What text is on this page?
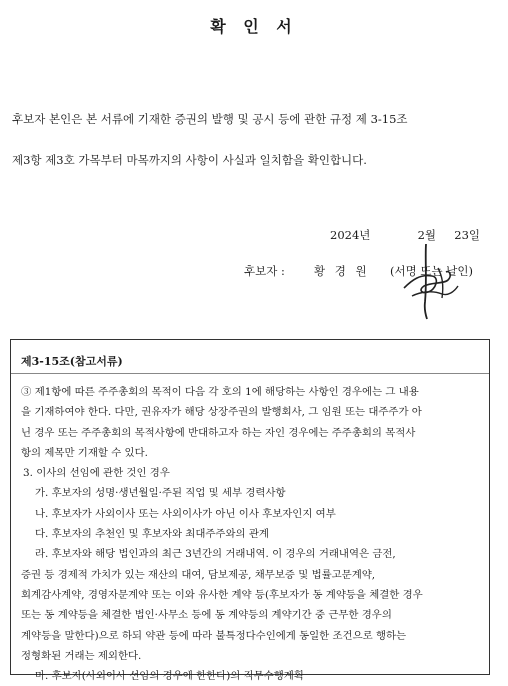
확 인 서
후보자 본인은 본 서류에 기재한 증권의 발행 및 공시 등에 관한 규정 제 3-15조
제3항 제3호 가목부터 마목까지의 사항이 사실과 일치함을 확인합니다.
2024년	2월 23일
후보자 :	황 경 원 (서명 또는 날인)
제3-15조(참고서류)
③ 제1항에 따른 주주총회의 목적이 다음 각 호의 1에 해당하는 사항인 경우에는 그 내용
을 기재하여야 한다. 다만, 권유자가 해당 상장주권의 발행회사, 그 임원 또는 대주주가 아
닌 경우 또는 주주총회의 목적사항에 반대하고자 하는 자인 경우에는 주주총회의 목적사
항의 제목만 기재할 수 있다.
3. 이사의 선임에 관한 것인 경우
가. 후보자의 성명·생년월일·주된 직업 및 세부 경력사항
나. 후보자가 사외이사 또는 사외이사가 아닌 이사 후보자인지 여부
다. 후보자의 추천인 및 후보자와 최대주주와의 관계
라. 후보자와 해당 법인과의 최근 3년간의 거래내역. 이 경우의 거래내역은 금전,
증권 등 경제적 가치가 있는 재산의 대여, 담보제공, 채무보증 및 법률고문계약,
회계감사계약, 경영자문계약 또는 이와 유사한 계약 등(후보자가 동 계약등을 체결한 경우
또는 동 계약등을 체결한 법인·사무소 등에 동 계약등의 계약기간 중 근무한 경우의
계약등을 말한다)으로 하되 약관 등에 따라 불특정다수인에게 동일한 조건으로 행하는
정형화된 거래는 제외한다.
마. 후보자(사외이사 선임의 경우에 한한다)의 직무수행계획
